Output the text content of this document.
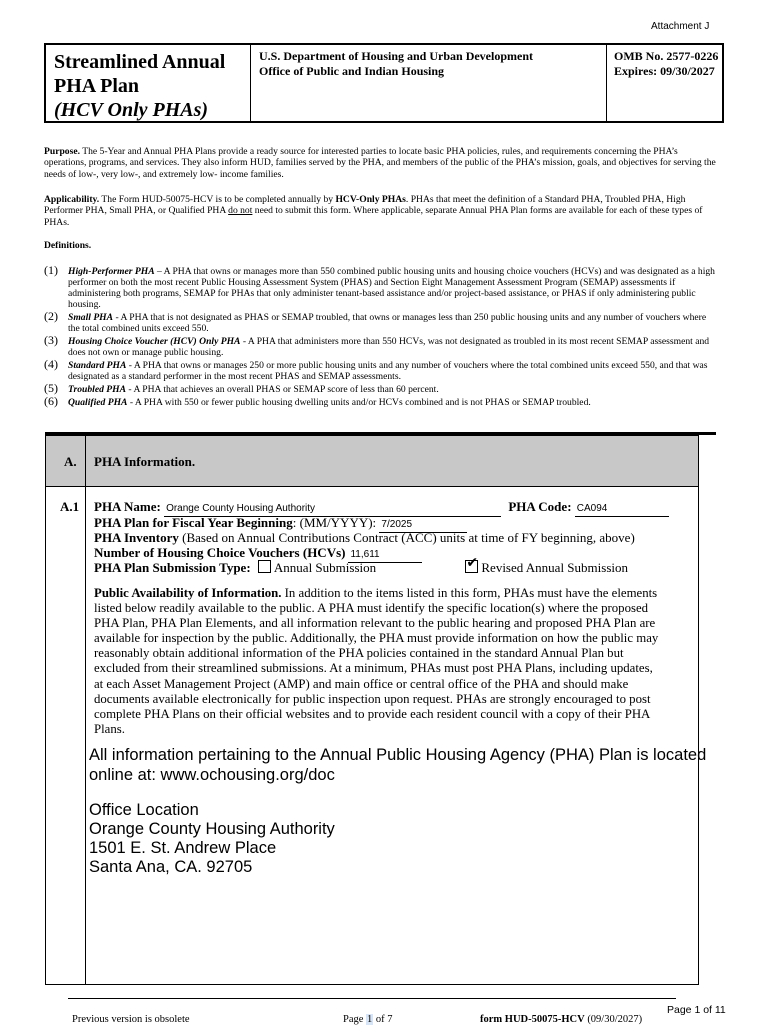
Attachment J
Streamlined Annual
PHA Plan
(HCV Only PHAs)
U.S. Department of Housing and Urban Development
Office of Public and Indian Housing
OMB No. 2577-0226
Expires: 09/30/2027
Purpose. The 5-Year and Annual PHA Plans provide a ready source for interested parties to locate basic PHA policies, rules, and requirements concerning the PHA’s operations, programs, and services. They also inform HUD, families served by the PHA, and members of the public of the PHA’s mission, goals, and objectives for serving the needs of low-, very low-, and extremely low- income families.
Applicability. The Form HUD-50075-HCV is to be completed annually by HCV-Only PHAs. PHAs that meet the definition of a Standard PHA, Troubled PHA, High Performer PHA, Small PHA, or Qualified PHA do not need to submit this form. Where applicable, separate Annual PHA Plan forms are available for each of these types of PHAs.
Definitions.
(1) High-Performer PHA – A PHA that owns or manages more than 550 combined public housing units and housing choice vouchers (HCVs) and was designated as a high performer on both the most recent Public Housing Assessment System (PHAS) and Section Eight Management Assessment Program (SEMAP) assessments if administering both programs, SEMAP for PHAs that only administer tenant-based assistance and/or project-based assistance, or PHAS if only administering public housing.
(2) Small PHA - A PHA that is not designated as PHAS or SEMAP troubled, that owns or manages less than 250 public housing units and any number of vouchers where the total combined units exceed 550.
(3) Housing Choice Voucher (HCV) Only PHA - A PHA that administers more than 550 HCVs, was not designated as troubled in its most recent SEMAP assessment and does not own or manage public housing.
(4) Standard PHA - A PHA that owns or manages 250 or more public housing units and any number of vouchers where the total combined units exceed 550, and that was designated as a standard performer in the most recent PHAS and SEMAP assessments.
(5) Troubled PHA - A PHA that achieves an overall PHAS or SEMAP score of less than 60 percent.
(6) Qualified PHA - A PHA with 550 or fewer public housing dwelling units and/or HCVs combined and is not PHAS or SEMAP troubled.
A. PHA Information.
A.1 PHA Name: Orange County Housing Authority	PHA Code: CA094
PHA Plan for Fiscal Year Beginning: (MM/YYYY): 7/2025
PHA Inventory (Based on Annual Contributions Contract (ACC) units at time of FY beginning, above)
Number of Housing Choice Vouchers (HCVs) 11,611
PHA Plan Submission Type: Annual Submission ✔	Revised Annual Submission
Public Availability of Information. In addition to the items listed in this form, PHAs must have the elements listed below readily available to the public. A PHA must identify the specific location(s) where the proposed PHA Plan, PHA Plan Elements, and all information relevant to the public hearing and proposed PHA Plan are available for inspection by the public. Additionally, the PHA must provide information on how the public may reasonably obtain additional information of the PHA policies contained in the standard Annual Plan but excluded from their streamlined submissions. At a minimum, PHAs must post PHA Plans, including updates, at each Asset Management Project (AMP) and main office or central office of the PHA and should make documents available electronically for public inspection upon request. PHAs are strongly encouraged to post complete PHA Plans on their official websites and to provide each resident council with a copy of their PHA Plans.
All information pertaining to the Annual Public Housing Agency (PHA) Plan is located
online at: www.ochousing.org/doc
Office Location
Orange County Housing Authority
1501 E. St. Andrew Place
Santa Ana, CA. 92705
Page 1 of 11
Previous version is obsolete	Page 1 of 7	form HUD-50075-HCV (09/30/2027)
